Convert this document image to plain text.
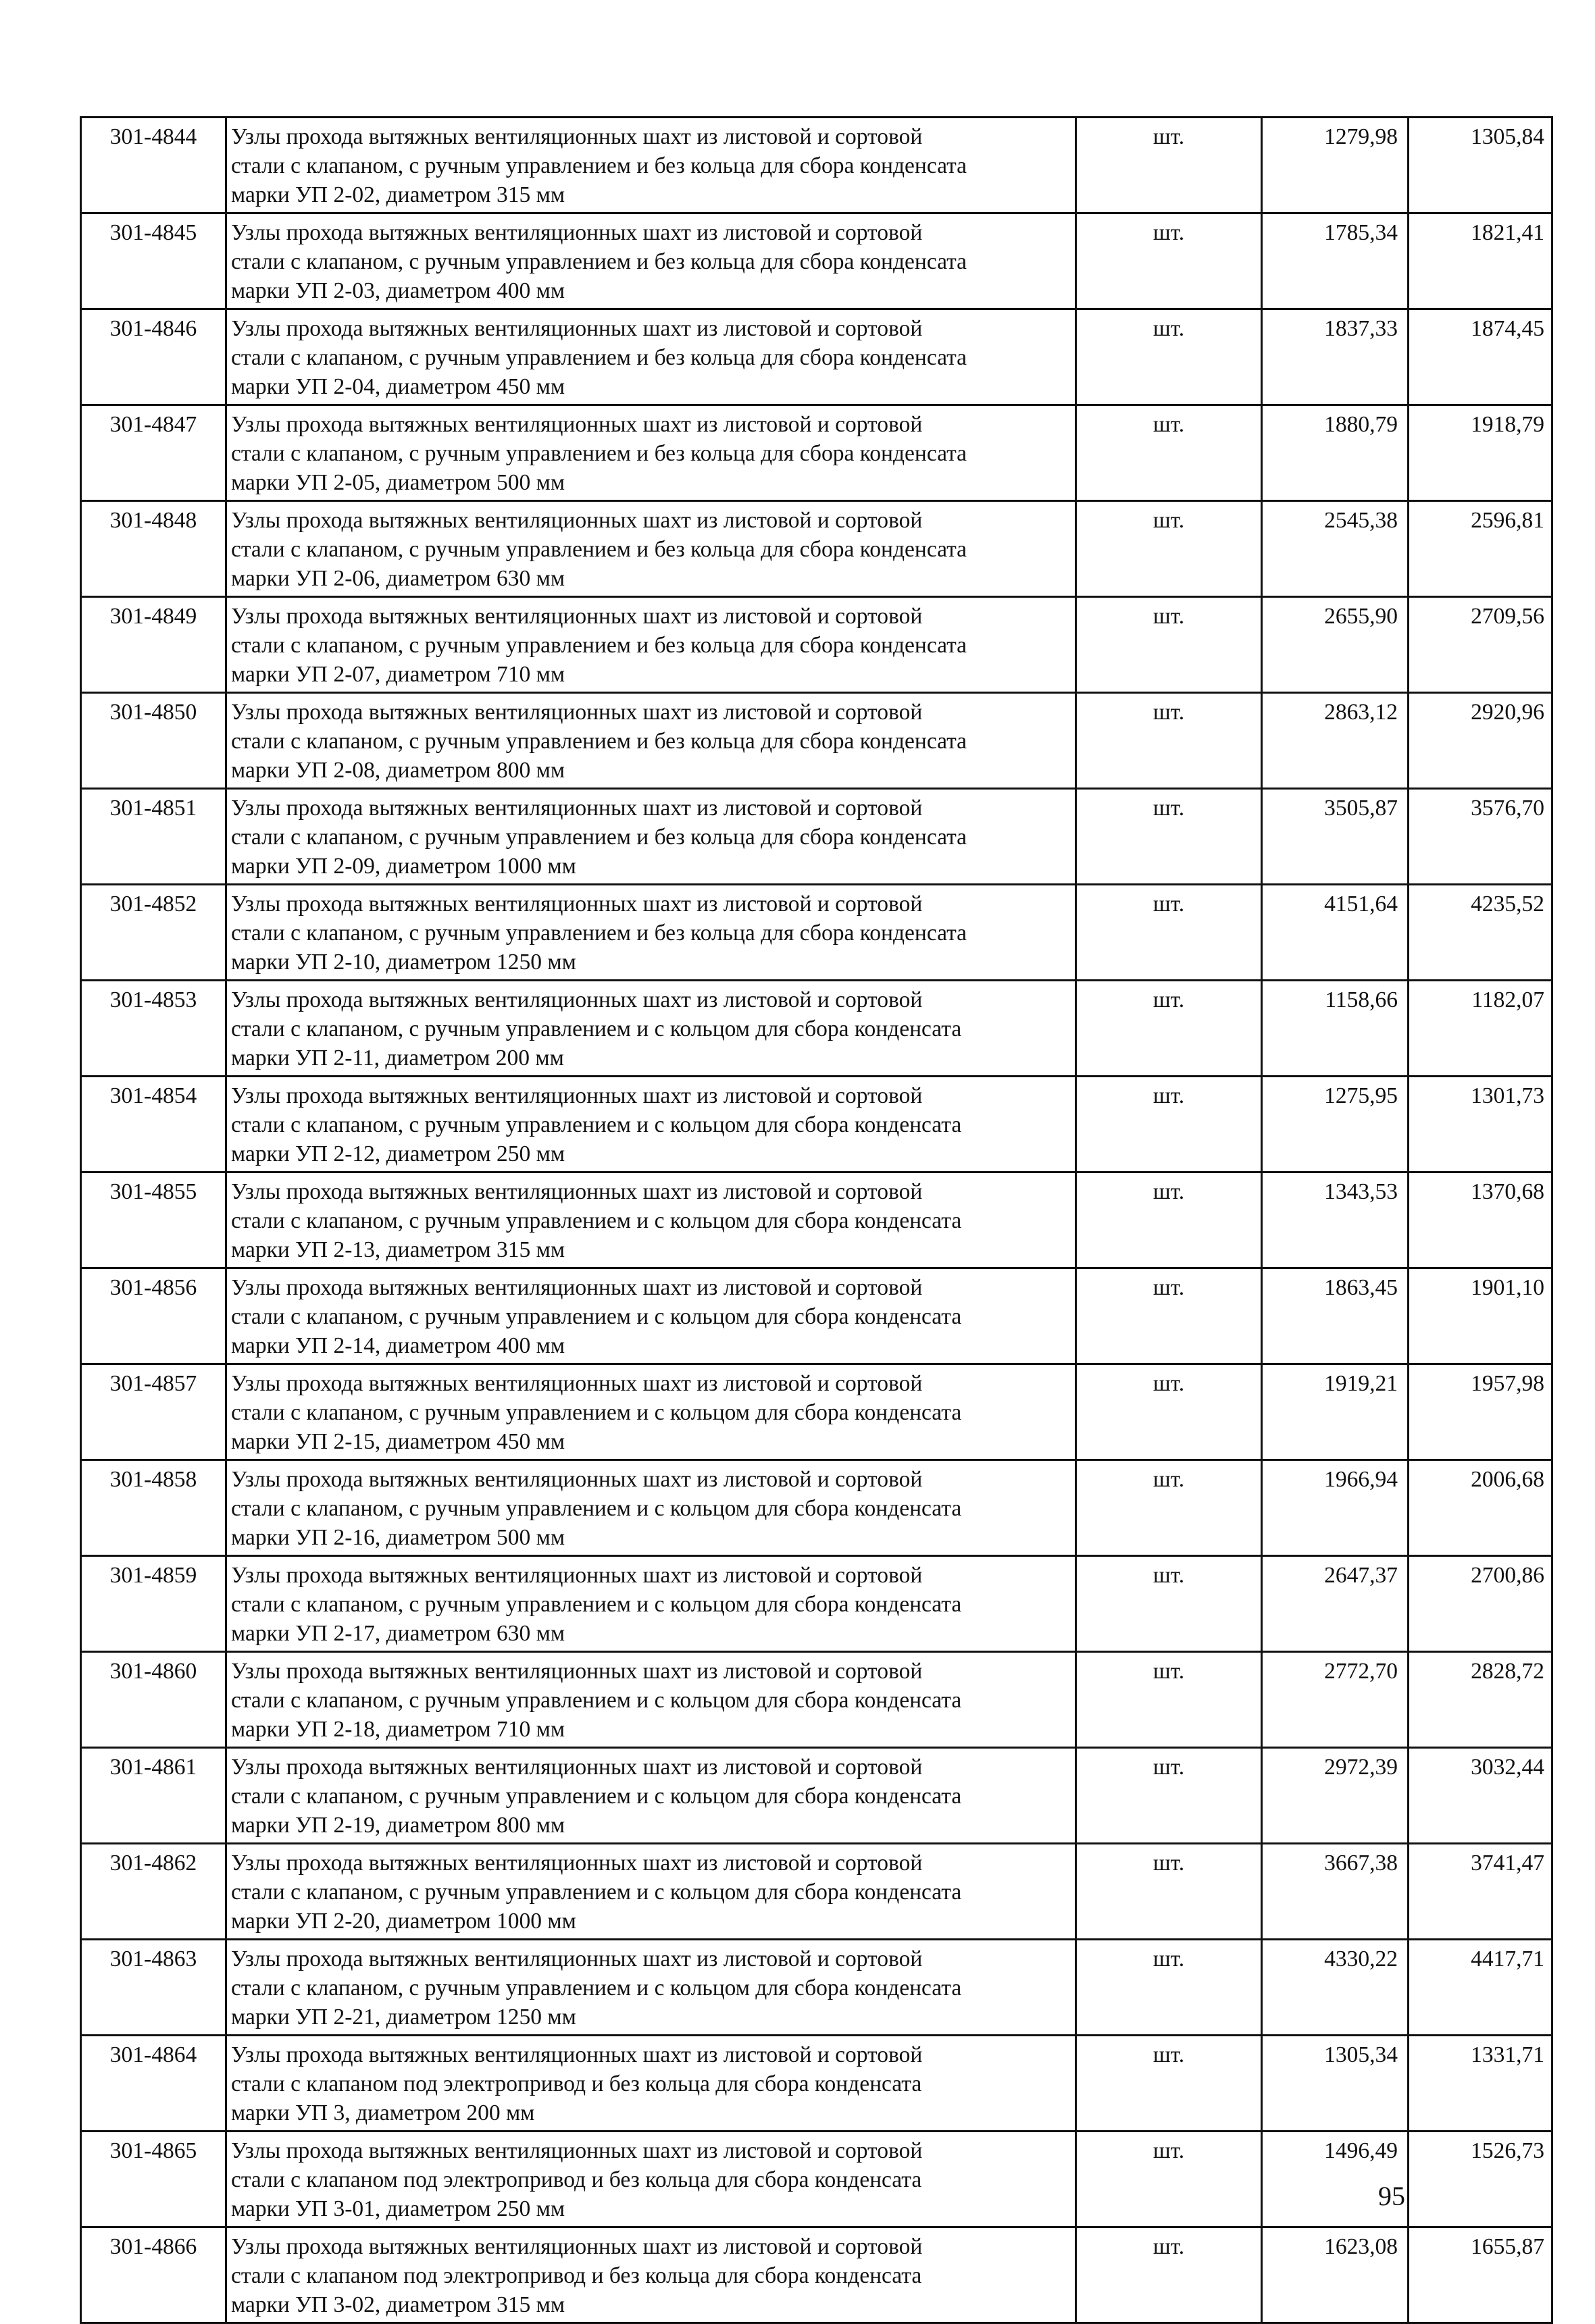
301-4844	Узлы прохода вытяжных вентиляционных шахт из листовой и сортовой
стали с клапаном, с ручным управлением и без кольца для сбора конденсата
марки УП 2-02, диаметром 315 мм	шт.	1279,98	1305,84
301-4845	Узлы прохода вытяжных вентиляционных шахт из листовой и сортовой
стали с клапаном, с ручным управлением и без кольца для сбора конденсата
марки УП 2-03, диаметром 400 мм	шт.	1785,34	1821,41
301-4846	Узлы прохода вытяжных вентиляционных шахт из листовой и сортовой
стали с клапаном, с ручным управлением и без кольца для сбора конденсата
марки УП 2-04, диаметром 450 мм	шт.	1837,33	1874,45
301-4847	Узлы прохода вытяжных вентиляционных шахт из листовой и сортовой
стали с клапаном, с ручным управлением и без кольца для сбора конденсата
марки УП 2-05, диаметром 500 мм	шт.	1880,79	1918,79
301-4848	Узлы прохода вытяжных вентиляционных шахт из листовой и сортовой
стали с клапаном, с ручным управлением и без кольца для сбора конденсата
марки УП 2-06, диаметром 630 мм	шт.	2545,38	2596,81
301-4849	Узлы прохода вытяжных вентиляционных шахт из листовой и сортовой
стали с клапаном, с ручным управлением и без кольца для сбора конденсата
марки УП 2-07, диаметром 710 мм	шт.	2655,90	2709,56
301-4850	Узлы прохода вытяжных вентиляционных шахт из листовой и сортовой
стали с клапаном, с ручным управлением и без кольца для сбора конденсата
марки УП 2-08, диаметром 800 мм	шт.	2863,12	2920,96
301-4851	Узлы прохода вытяжных вентиляционных шахт из листовой и сортовой
стали с клапаном, с ручным управлением и без кольца для сбора конденсата
марки УП 2-09, диаметром 1000 мм	шт.	3505,87	3576,70
301-4852	Узлы прохода вытяжных вентиляционных шахт из листовой и сортовой
стали с клапаном, с ручным управлением и без кольца для сбора конденсата
марки УП 2-10, диаметром 1250 мм	шт.	4151,64	4235,52
301-4853	Узлы прохода вытяжных вентиляционных шахт из листовой и сортовой
стали с клапаном, с ручным управлением и с кольцом для сбора конденсата
марки УП 2-11, диаметром 200 мм	шт.	1158,66	1182,07
301-4854	Узлы прохода вытяжных вентиляционных шахт из листовой и сортовой
стали с клапаном, с ручным управлением и с кольцом для сбора конденсата
марки УП 2-12, диаметром 250 мм	шт.	1275,95	1301,73
301-4855	Узлы прохода вытяжных вентиляционных шахт из листовой и сортовой
стали с клапаном, с ручным управлением и с кольцом для сбора конденсата
марки УП 2-13, диаметром 315 мм	шт.	1343,53	1370,68
301-4856	Узлы прохода вытяжных вентиляционных шахт из листовой и сортовой
стали с клапаном, с ручным управлением и с кольцом для сбора конденсата
марки УП 2-14, диаметром 400 мм	шт.	1863,45	1901,10
301-4857	Узлы прохода вытяжных вентиляционных шахт из листовой и сортовой
стали с клапаном, с ручным управлением и с кольцом для сбора конденсата
марки УП 2-15, диаметром 450 мм	шт.	1919,21	1957,98
301-4858	Узлы прохода вытяжных вентиляционных шахт из листовой и сортовой
стали с клапаном, с ручным управлением и с кольцом для сбора конденсата
марки УП 2-16, диаметром 500 мм	шт.	1966,94	2006,68
301-4859	Узлы прохода вытяжных вентиляционных шахт из листовой и сортовой
стали с клапаном, с ручным управлением и с кольцом для сбора конденсата
марки УП 2-17, диаметром 630 мм	шт.	2647,37	2700,86
301-4860	Узлы прохода вытяжных вентиляционных шахт из листовой и сортовой
стали с клапаном, с ручным управлением и с кольцом для сбора конденсата
марки УП 2-18, диаметром 710 мм	шт.	2772,70	2828,72
301-4861	Узлы прохода вытяжных вентиляционных шахт из листовой и сортовой
стали с клапаном, с ручным управлением и с кольцом для сбора конденсата
марки УП 2-19, диаметром 800 мм	шт.	2972,39	3032,44
301-4862	Узлы прохода вытяжных вентиляционных шахт из листовой и сортовой
стали с клапаном, с ручным управлением и с кольцом для сбора конденсата
марки УП 2-20, диаметром 1000 мм	шт.	3667,38	3741,47
301-4863	Узлы прохода вытяжных вентиляционных шахт из листовой и сортовой
стали с клапаном, с ручным управлением и с кольцом для сбора конденсата
марки УП 2-21, диаметром 1250 мм	шт.	4330,22	4417,71
301-4864	Узлы прохода вытяжных вентиляционных шахт из листовой и сортовой
стали с клапаном под электропривод и без кольца для сбора конденсата
марки УП 3, диаметром 200 мм	шт.	1305,34	1331,71
301-4865	Узлы прохода вытяжных вентиляционных шахт из листовой и сортовой
стали с клапаном под электропривод и без кольца для сбора конденсата
марки УП 3-01, диаметром 250 мм	шт.	1496,49	1526,73
301-4866	Узлы прохода вытяжных вентиляционных шахт из листовой и сортовой
стали с клапаном под электропривод и без кольца для сбора конденсата
марки УП 3-02, диаметром 315 мм	шт.	1623,08	1655,87
95
